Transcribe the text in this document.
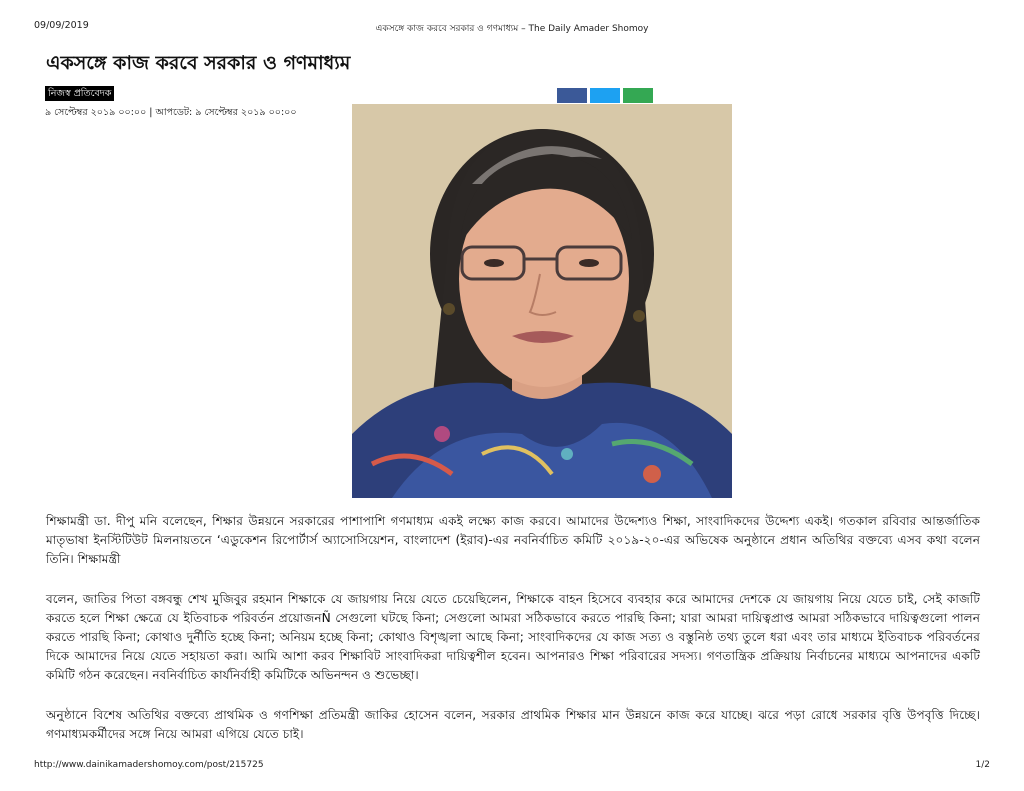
09/09/2019	একসঙ্গে কাজ করবে সরকার ও গণমাধ্যম – The Daily Amader Shomoy
একসঙ্গে কাজ করবে সরকার ও গণমাধ্যম
নিজস্ব প্রতিবেদক
৯ সেপ্টেম্বর ২০১৯ ০০:০০ | আপডেট: ৯ সেপ্টেম্বর ২০১৯ ০০:০০

শিক্ষামন্ত্রী ডা. দীপু মনি বলেছেন, শিক্ষার উন্নয়নে সরকারের পাশাপাশি গণমাধ্যম একই লক্ষ্যে কাজ করবে। আমাদের উদ্দেশ্যও শিক্ষা, সাংবাদিকদের উদ্দেশ্য একই। গতকাল রবিবার আন্তর্জাতিক মাতৃভাষা ইনস্টিটিউট মিলনায়তনে ‘এডুকেশন রিপোর্টার্স অ্যাসোসিয়েশন, বাংলাদেশ (ইরাব)-এর নবনির্বাচিত কমিটি ২০১৯-২০-এর অভিষেক অনুষ্ঠানে প্রধান অতিথির বক্তব্যে এসব কথা বলেন তিনি। শিক্ষামন্ত্রী

বলেন, জাতির পিতা বঙ্গবন্ধু শেখ মুজিবুর রহমান শিক্ষাকে যে জায়গায় নিয়ে যেতে চেয়েছিলেন, শিক্ষাকে বাহন হিসেবে ব্যবহার করে আমাদের দেশকে যে জায়গায় নিয়ে যেতে চাই, সেই কাজটি করতে হলে শিক্ষা ক্ষেত্রে যে ইতিবাচক পরিবর্তন প্রয়োজনÑ সেগুলো ঘটছে কিনা; সেগুলো আমরা সঠিকভাবে করতে পারছি কিনা; যারা আমরা দায়িত্বপ্রাপ্ত আমরা সঠিকভাবে দায়িত্বগুলো পালন করতে পারছি কিনা; কোথাও দুর্নীতি হচ্ছে কিনা; অনিয়ম হচ্ছে কিনা; কোথাও বিশৃঙ্খলা আছে কিনা; সাংবাদিকদের যে কাজ সত্য ও বস্তুনিষ্ঠ তথ্য তুলে ধরা এবং তার মাধ্যমে ইতিবাচক পরিবর্তনের দিকে আমাদের নিয়ে যেতে সহায়তা করা। আমি আশা করব শিক্ষাবিট সাংবাদিকরা দায়িত্বশীল হবেন। আপনারও শিক্ষা পরিবারের সদস্য। গণতান্ত্রিক প্রক্রিয়ায় নির্বাচনের মাধ্যমে আপনাদের একটি কমিটি গঠন করেছেন। নবনির্বাচিত কার্যনির্বাহী কমিটিকে অভিনন্দন ও শুভেচ্ছা।

অনুষ্ঠানে বিশেষ অতিথির বক্তব্যে প্রাথমিক ও গণশিক্ষা প্রতিমন্ত্রী জাকির হোসেন বলেন, সরকার প্রাথমিক শিক্ষার মান উন্নয়নে কাজ করে যাচ্ছে। ঝরে পড়া রোধে সরকার বৃত্তি উপবৃত্তি দিচ্ছে। গণমাধ্যমকর্মীদের সঙ্গে নিয়ে আমরা এগিয়ে যেতে চাই।

http://www.dainikamadershomoy.com/post/215725	1/2
